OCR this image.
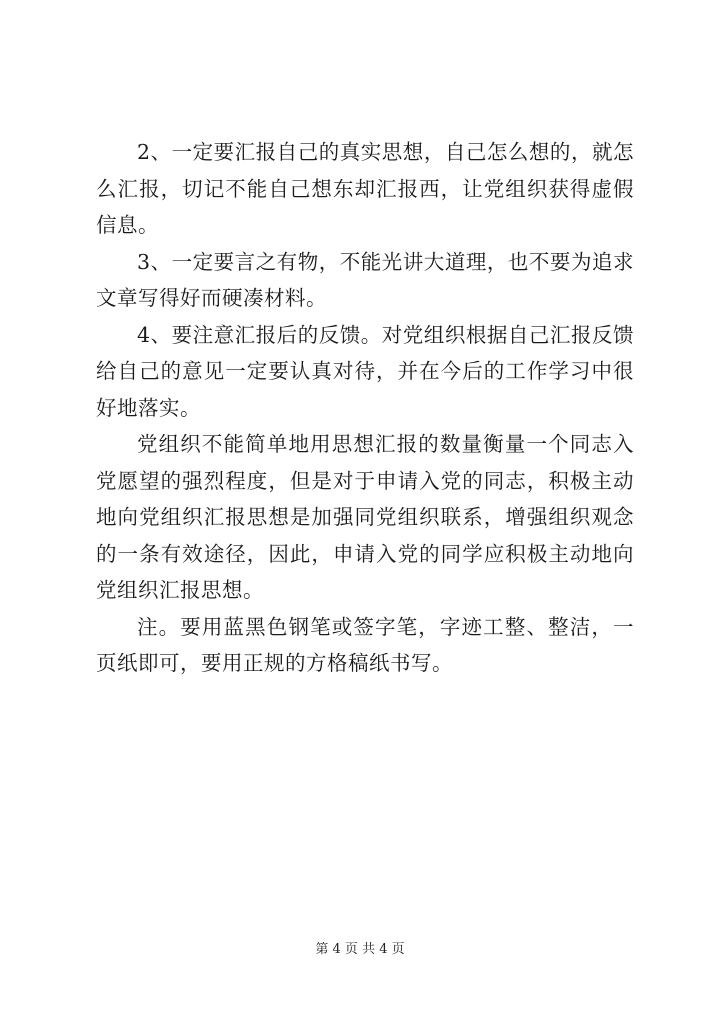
2、一定要汇报自己的真实思想，自己怎么想的，就怎么汇报，切记不能自己想东却汇报西，让党组织获得虚假信息。

3、一定要言之有物，不能光讲大道理，也不要为追求文章写得好而硬凑材料。

4、要注意汇报后的反馈。对党组织根据自己汇报反馈给自己的意见一定要认真对待，并在今后的工作学习中很好地落实。

党组织不能简单地用思想汇报的数量衡量一个同志入党愿望的强烈程度，但是对于申请入党的同志，积极主动地向党组织汇报思想是加强同党组织联系，增强组织观念的一条有效途径，因此，申请入党的同学应积极主动地向党组织汇报思想。

注。要用蓝黑色钢笔或签字笔，字迹工整、整洁，一页纸即可，要用正规的方格稿纸书写。

第 4 页 共 4 页
